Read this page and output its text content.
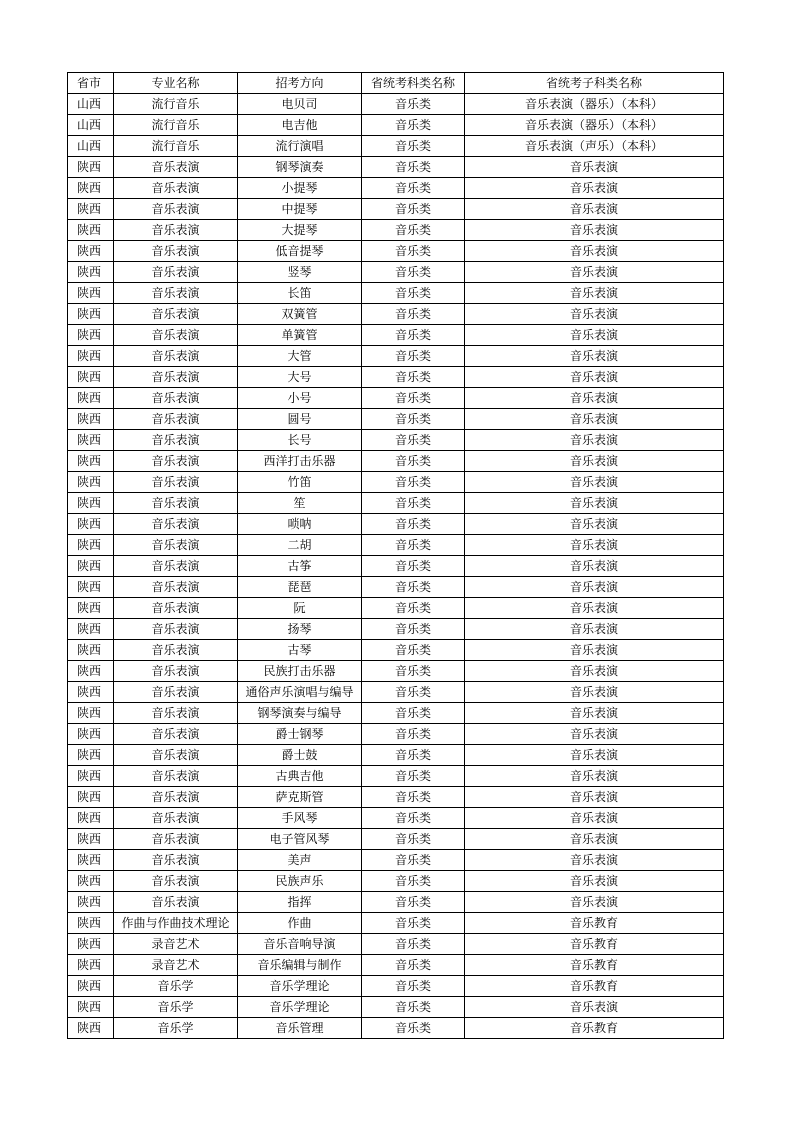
省市	专业名称	招考方向	省统考科类名称	省统考子科类名称
山西	流行音乐	电贝司	音乐类	音乐表演（器乐）（本科）
山西	流行音乐	电吉他	音乐类	音乐表演（器乐）（本科）
山西	流行音乐	流行演唱	音乐类	音乐表演（声乐）（本科）
陕西	音乐表演	钢琴演奏	音乐类	音乐表演
陕西	音乐表演	小提琴	音乐类	音乐表演
陕西	音乐表演	中提琴	音乐类	音乐表演
陕西	音乐表演	大提琴	音乐类	音乐表演
陕西	音乐表演	低音提琴	音乐类	音乐表演
陕西	音乐表演	竖琴	音乐类	音乐表演
陕西	音乐表演	长笛	音乐类	音乐表演
陕西	音乐表演	双簧管	音乐类	音乐表演
陕西	音乐表演	单簧管	音乐类	音乐表演
陕西	音乐表演	大管	音乐类	音乐表演
陕西	音乐表演	大号	音乐类	音乐表演
陕西	音乐表演	小号	音乐类	音乐表演
陕西	音乐表演	圆号	音乐类	音乐表演
陕西	音乐表演	长号	音乐类	音乐表演
陕西	音乐表演	西洋打击乐器	音乐类	音乐表演
陕西	音乐表演	竹笛	音乐类	音乐表演
陕西	音乐表演	笙	音乐类	音乐表演
陕西	音乐表演	唢呐	音乐类	音乐表演
陕西	音乐表演	二胡	音乐类	音乐表演
陕西	音乐表演	古筝	音乐类	音乐表演
陕西	音乐表演	琵琶	音乐类	音乐表演
陕西	音乐表演	阮	音乐类	音乐表演
陕西	音乐表演	扬琴	音乐类	音乐表演
陕西	音乐表演	古琴	音乐类	音乐表演
陕西	音乐表演	民族打击乐器	音乐类	音乐表演
陕西	音乐表演	通俗声乐演唱与编导	音乐类	音乐表演
陕西	音乐表演	钢琴演奏与编导	音乐类	音乐表演
陕西	音乐表演	爵士钢琴	音乐类	音乐表演
陕西	音乐表演	爵士鼓	音乐类	音乐表演
陕西	音乐表演	古典吉他	音乐类	音乐表演
陕西	音乐表演	萨克斯管	音乐类	音乐表演
陕西	音乐表演	手风琴	音乐类	音乐表演
陕西	音乐表演	电子管风琴	音乐类	音乐表演
陕西	音乐表演	美声	音乐类	音乐表演
陕西	音乐表演	民族声乐	音乐类	音乐表演
陕西	音乐表演	指挥	音乐类	音乐表演
陕西	作曲与作曲技术理论	作曲	音乐类	音乐教育
陕西	录音艺术	音乐音响导演	音乐类	音乐教育
陕西	录音艺术	音乐编辑与制作	音乐类	音乐教育
陕西	音乐学	音乐学理论	音乐类	音乐教育
陕西	音乐学	音乐学理论	音乐类	音乐表演
陕西	音乐学	音乐管理	音乐类	音乐教育
